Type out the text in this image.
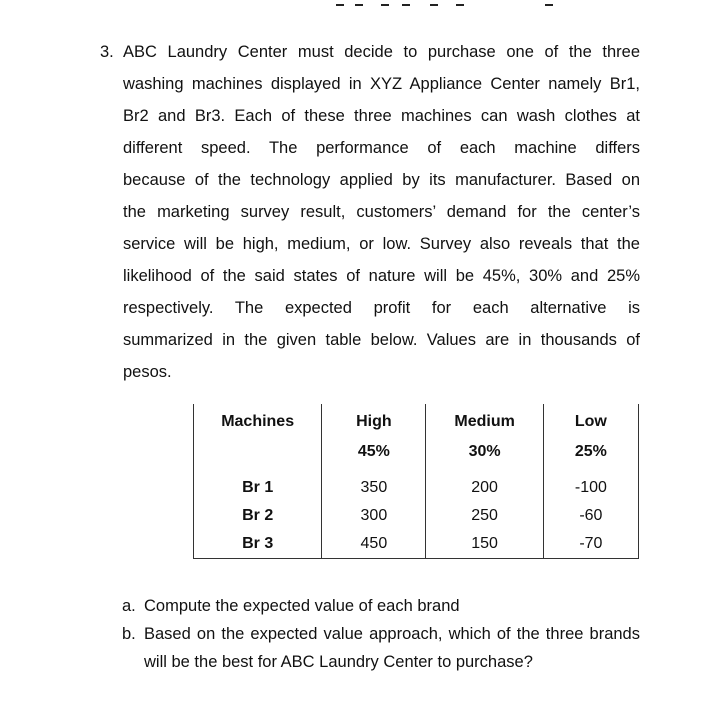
3. ABC Laundry Center must decide to purchase one of the three
washing machines displayed in XYZ Appliance Center namely Br1,
Br2 and Br3. Each of these three machines can wash clothes at
different speed. The performance of each machine differs
because of the technology applied by its manufacturer. Based on
the marketing survey result, customers’ demand for the center’s
service will be high, medium, or low. Survey also reveals that the
likelihood of the said states of nature will be 45%, 30% and 25%
respectively. The expected profit for each alternative is
summarized in the given table below. Values are in thousands of
pesos.
Machines	High	Medium	Low
	45%	30%	25%
Br 1	350	200	-100
Br 2	300	250	-60
Br 3	450	150	-70
a. Compute the expected value of each brand
b. Based on the expected value approach, which of the three brands will be the best for ABC Laundry Center to purchase?
